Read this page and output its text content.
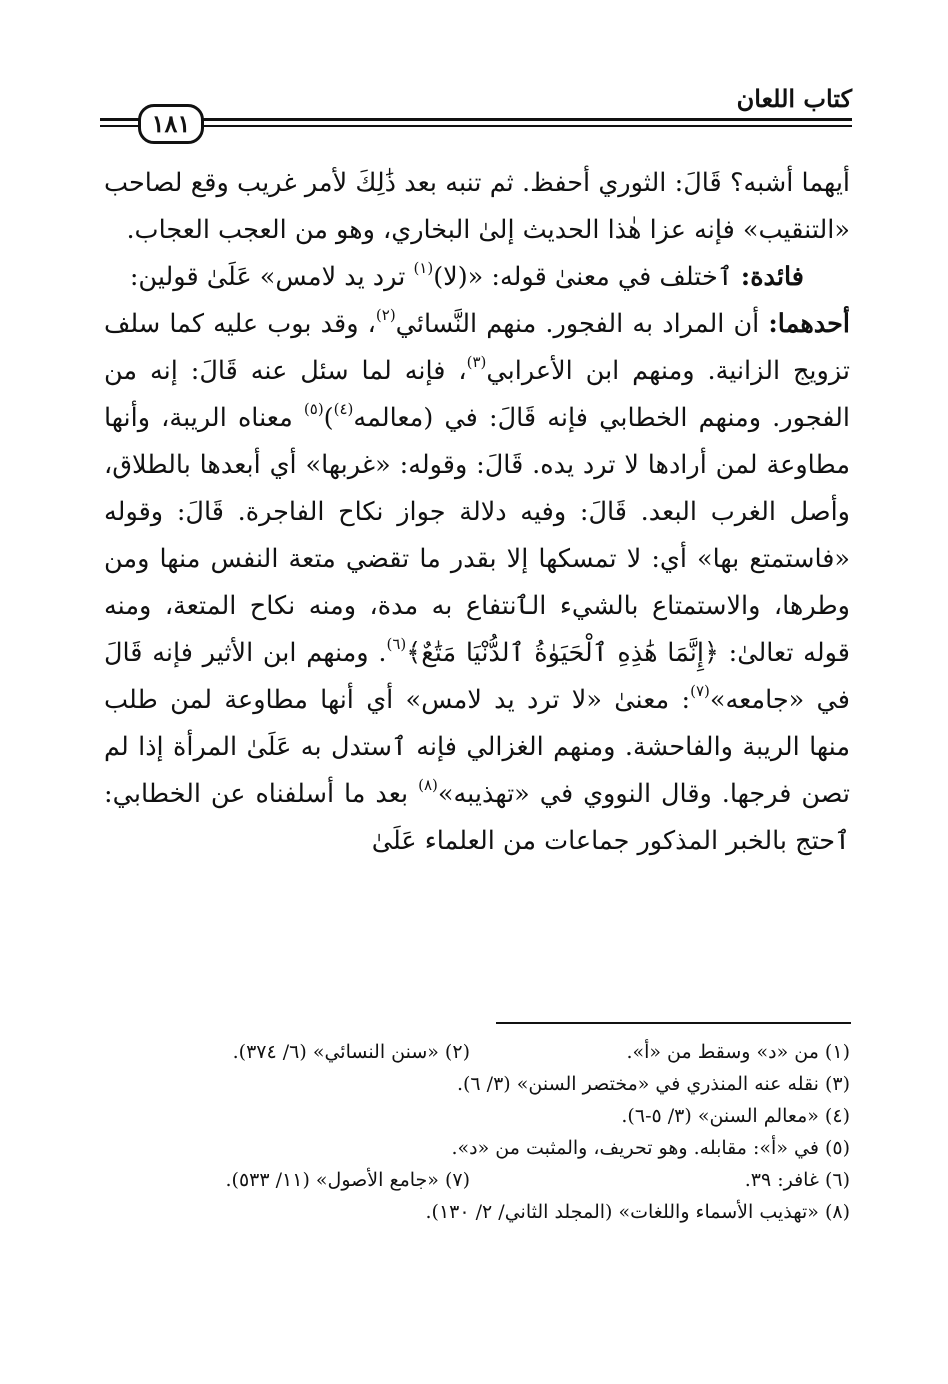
كتاب اللعان
١٨١

أيهما أشبه؟ قَالَ: الثوري أحفظ. ثم تنبه بعد ذَٰلِكَ لأمر غريب وقع لصاحب «التنقيب» فإنه عزا هٰذا الحديث إلىٰ البخاري، وهو من العجب العجاب.

فائدة: ٱختلف في معنىٰ قوله: «(لا)$^{(١)}$ ترد يد لامس» عَلَىٰ قولين:

أحدهما: أن المراد به الفجور. منهم النَّسائي$^{(٢)}$، وقد بوب عليه كما سلف تزويج الزانية. ومنهم ابن الأعرابي$^{(٣)}$، فإنه لما سئل عنه قَالَ: إنه من الفجور. ومنهم الخطابي فإنه قَالَ: في (معالمه$^{(٤)}$)$^{(٥)}$ معناه الريبة، وأنها مطاوعة لمن أرادها لا ترد يده. قَالَ: وقوله: «غربها» أي أبعدها بالطلاق، وأصل الغرب البعد. قَالَ: وفيه دلالة جواز نكاح الفاجرة. قَالَ: وقوله «فاستمتع بها» أي: لا تمسكها إلا بقدر ما تقضي متعة النفس منها ومن وطرها، والاستمتاع بالشيء الٱنتفاع به مدة، ومنه نكاح المتعة، ومنه قوله تعالىٰ: ﴿إِنَّمَا هَٰذِهِ ٱلْحَيَوٰةُ ٱلدُّنْيَا مَتَٰعٌ﴾$^{(٦)}$. ومنهم ابن الأثير فإنه قَالَ في «جامعه»$^{(٧)}$: معنىٰ «لا ترد يد لامس» أي أنها مطاوعة لمن طلب منها الريبة والفاحشة. ومنهم الغزالي فإنه ٱستدل به عَلَىٰ المرأة إذا لم تصن فرجها. وقال النووي في «تهذيبه»$^{(٨)}$ بعد ما أسلفناه عن الخطابي: ٱحتج بالخبر المذكور جماعات من العلماء عَلَىٰ

(١) من «د» وسقط من «أ».
(٢) «سنن النسائي» (٦/ ٣٧٤).
(٣) نقله عنه المنذري في «مختصر السنن» (٣/ ٦).
(٤) «معالم السنن» (٣/ ٥-٦).
(٥) في «أ»: مقابله. وهو تحريف، والمثبت من «د».
(٦) غافر: ٣٩.
(٧) «جامع الأصول» (١١/ ٥٣٣).
(٨) «تهذيب الأسماء واللغات» (المجلد الثاني/ ٢/ ١٣٠).
